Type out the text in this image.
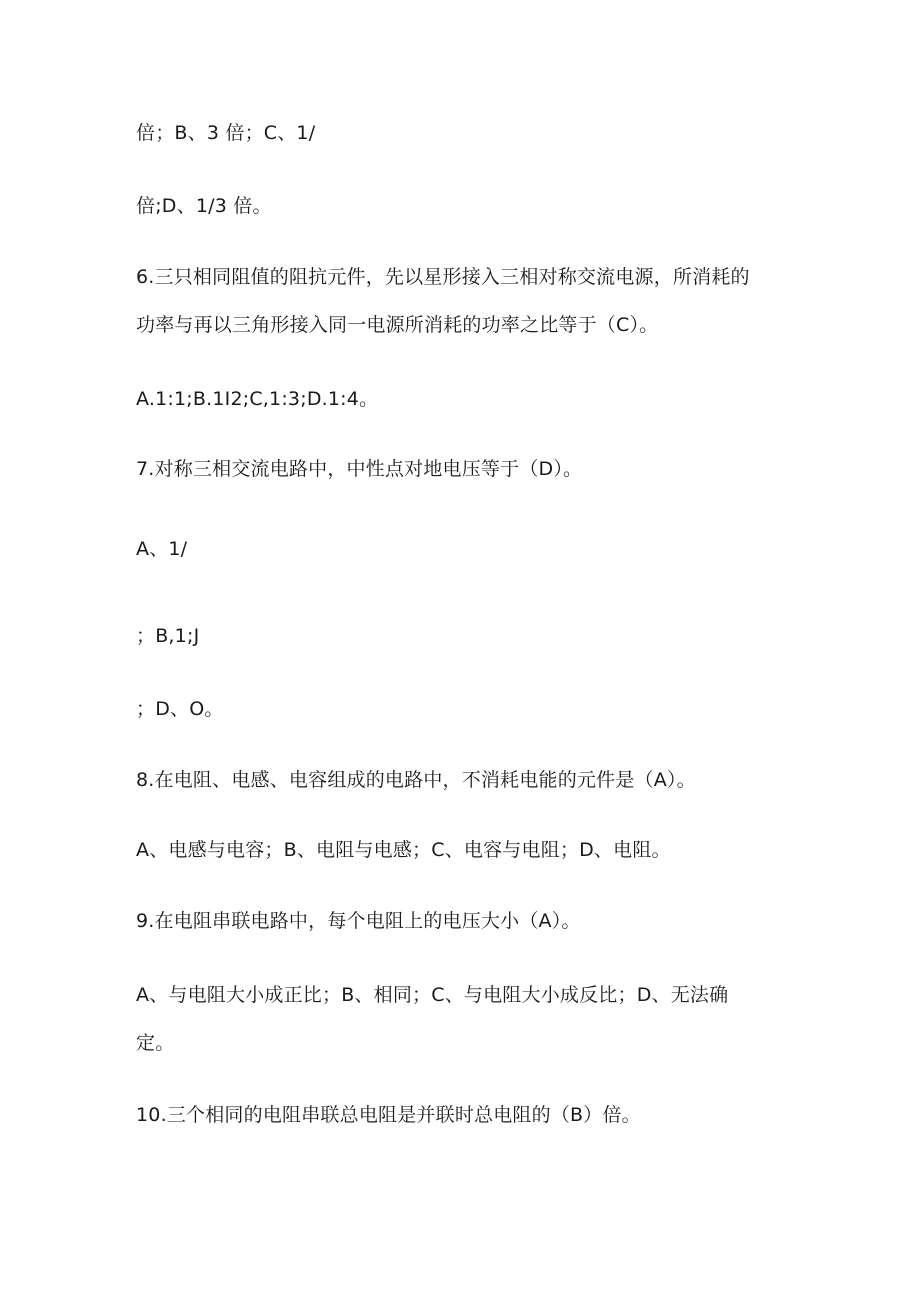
倍；B、3 倍；C、1/
倍;D、1/3 倍。
6.三只相同阻值的阻抗元件，先以星形接入三相对称交流电源，所消耗的
功率与再以三角形接入同一电源所消耗的功率之比等于（C）。
A.1:1;B.1I2;C,1:3;D.1:4。
7.对称三相交流电路中，中性点对地电压等于（D）。
A、1/
；B,1;J
；D、O。
8.在电阻、电感、电容组成的电路中，不消耗电能的元件是（A）。
A、电感与电容；B、电阻与电感；C、电容与电阻；D、电阻。
9.在电阻串联电路中，每个电阻上的电压大小（A）。
A、与电阻大小成正比；B、相同；C、与电阻大小成反比；D、无法确
定。
10.三个相同的电阻串联总电阻是并联时总电阻的（B）倍。
